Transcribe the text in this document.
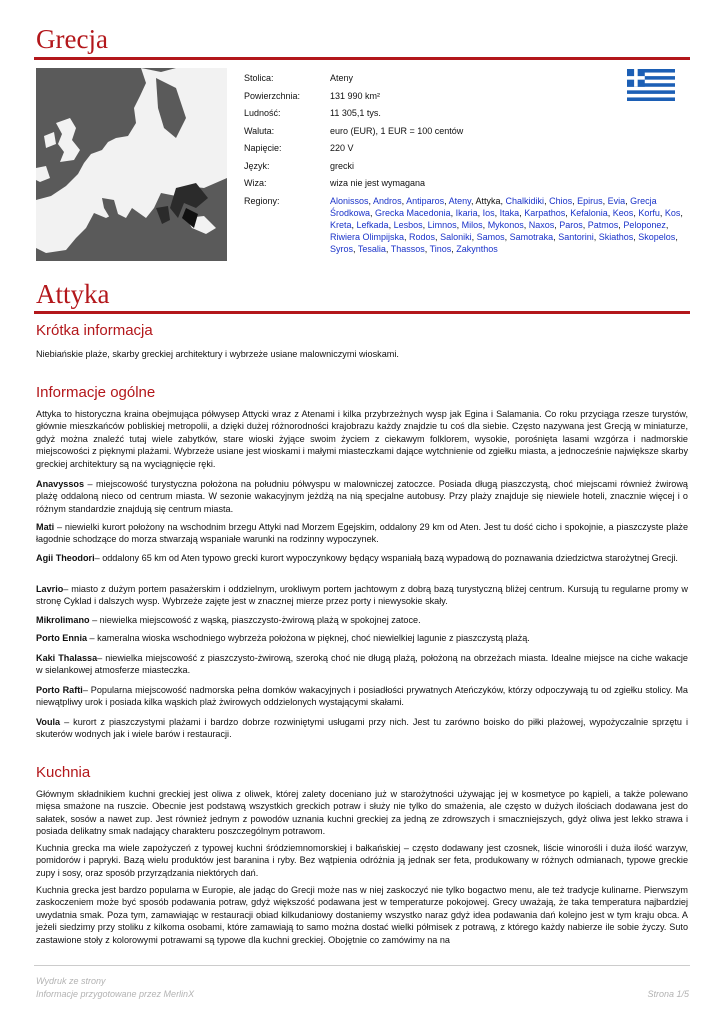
Grecja
Stolica:	Ateny
Powierzchnia:	131 990 km²
Ludność:	11 305,1 tys.
Waluta:	euro (EUR), 1 EUR = 100 centów
Napięcie:	220 V
Język:	grecki
Wiza:	wiza nie jest wymagana
Regiony:	Alonissos, Andros, Antiparos, Ateny, Attyka, Chalkidiki, Chios, Epirus, Evia, Grecja Środkowa, Grecka Macedonia, Ikaria, Ios, Itaka, Karpathos, Kefalonia, Keos, Korfu, Kos, Kreta, Lefkada, Lesbos, Limnos, Milos, Mykonos, Naxos, Paros, Patmos, Peloponez, Riwiera Olimpijska, Rodos, Saloniki, Samos, Samotraka, Santorini, Skiathos, Skopelos, Syros, Tesalia, Thassos, Tinos, Zakynthos
Attyka
Krótka informacja

Niebiańskie plaże, skarby greckiej architektury i wybrzeże usiane malowniczymi wioskami.

Informacje ogólne

Attyka to historyczna kraina obejmująca półwysep Attycki wraz z Atenami i kilka przybrzeżnych wysp jak Egina i Salamania. Co roku przyciąga rzesze turystów, głównie mieszkańców pobliskiej metropolii, a dzięki dużej różnorodności krajobrazu każdy znajdzie tu coś dla siebie. Często nazywana jest Grecją w miniaturze, gdyż można znaleźć tutaj wiele zabytków, stare wioski żyjące swoim życiem z ciekawym folklorem, wysokie, porośnięta lasami wzgórza i nadmorskie miejscowości z pięknymi plażami. Wybrzeże usiane jest wioskami i małymi miasteczkami dające wytchnienie od zgiełku miasta, a jednocześnie największe skarby greckiej architektury są na wyciągnięcie ręki.

Anavyssos – miejscowość turystyczna położona na południu półwyspu w malowniczej zatoczce. Posiada długą piaszczystą, choć miejscami również żwirową plażę oddaloną nieco od centrum miasta. W sezonie wakacyjnym jeżdżą na nią specjalne autobusy. Przy plaży znajduje się niewiele hoteli, znacznie więcej i o różnym standardzie znajdują się centrum miasta.

Mati – niewielki kurort położony na wschodnim brzegu Attyki nad Morzem Egejskim, oddalony 29 km od Aten. Jest tu dość cicho i spokojnie, a piaszczyste plaże łagodnie schodzące do morza stwarzają wspaniałe warunki na rodzinny wypoczynek.

Agii Theodori– oddalony 65 km od Aten typowo grecki kurort wypoczynkowy będący wspaniałą bazą wypadową do poznawania dziedzictwa starożytnej Grecji.

Lavrio– miasto z dużym portem pasażerskim i oddzielnym, urokliwym portem jachtowym z dobrą bazą turystyczną bliżej centrum. Kursują tu regularne promy w stronę Cyklad i dalszych wysp. Wybrzeże zajęte jest w znacznej mierze przez porty i niewysokie skały.

Mikrolimano – niewielka miejscowość z wąską, piaszczysto-żwirową plażą w spokojnej zatoce.

Porto Ennia – kameralna wioska wschodniego wybrzeża położona w pięknej, choć niewielkiej lagunie z piaszczystą plażą.

Kaki Thalassa– niewielka miejscowość z piaszczysto-żwirową, szeroką choć nie długą plażą, położoną na obrzeżach miasta. Idealne miejsce na ciche wakacje w sielankowej atmosferze miasteczka.

Porto Rafti– Popularna miejscowość nadmorska pełna domków wakacyjnych i posiadłości prywatnych Ateńczyków, którzy odpoczywają tu od zgiełku stolicy. Ma niewątpliwy urok i posiada kilka wąskich plaż żwirowych oddzielonych wystającymi skałami.

Voula – kurort z piaszczystymi plażami i bardzo dobrze rozwiniętymi usługami przy nich. Jest tu zarówno boisko do piłki plażowej, wypożyczalnie sprzętu i skuterów wodnych jak i wiele barów i restauracji.

Kuchnia

Głównym składnikiem kuchni greckiej jest oliwa z oliwek, której zalety doceniano już w starożytności używając jej w kosmetyce po kąpieli, a także polewano mięsa smażone na ruszcie. Obecnie jest podstawą wszystkich greckich potraw i służy nie tylko do smażenia, ale często w dużych ilościach dodawana jest do sałatek, sosów a nawet zup. Jest również jednym z powodów uznania kuchni greckiej za jedną ze zdrowszych i smaczniejszych, gdyż oliwa jest lekko strawa i posiada delikatny smak nadający charakteru poszczególnym potrawom.

Kuchnia grecka ma wiele zapożyczeń z typowej kuchni śródziemnomorskiej i bałkańskiej – często dodawany jest czosnek, liście winorośli i duża ilość warzyw, pomidorów i papryki. Bazą wielu produktów jest baranina i ryby. Bez wątpienia odróżnia ją jednak ser feta, produkowany w różnych odmianach, typowe greckie zupy i sosy, oraz sposób przyrządzania niektórych dań.

Kuchnia grecka jest bardzo popularna w Europie, ale jadąc do Grecji może nas w niej zaskoczyć nie tylko bogactwo menu, ale też tradycje kulinarne. Pierwszym zaskoczeniem może być sposób podawania potraw, gdyż większość podawana jest w temperaturze pokojowej. Grecy uważają, że taka temperatura najbardziej uwydatnia smak. Poza tym, zamawiając w restauracji obiad kilkudaniowy dostaniemy wszystko naraz gdyż idea podawania dań kolejno jest w tym kraju obca. A jeżeli siedzimy przy stoliku z kilkoma osobami, które zamawiają to samo można dostać wielki półmisek z potrawą, z którego każdy nabierze ile sobie życzy. Suto zastawione stoły z kolorowymi potrawami są typowe dla kuchni greckiej. Obojętnie co zamówimy na na

Wydruk ze strony
Informacje przygotowane przez MerlinX	Strona 1/5
